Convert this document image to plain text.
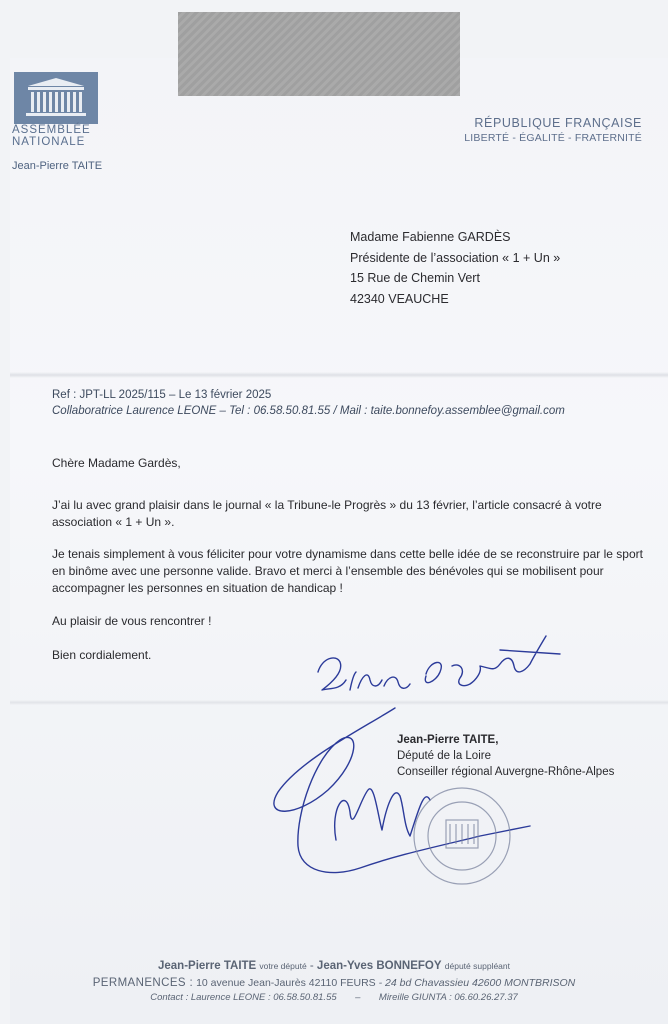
ASSEMBLÉE
NATIONALE
Jean-Pierre TAITE
RÉPUBLIQUE FRANÇAISE
LIBERTÉ - ÉGALITÉ - FRATERNITÉ
Madame Fabienne GARDÈS
Présidente de l’association « 1 + Un »
15 Rue de Chemin Vert
42340 VEAUCHE
Ref : JPT-LL 2025/115 – Le 13 février 2025
Collaboratrice Laurence LEONE – Tel : 06.58.50.81.55 / Mail : taite.bonnefoy.assemblee@gmail.com
Chère Madame Gardès,
J’ai lu avec grand plaisir dans le journal « la Tribune-le Progrès » du 13 février, l’article consacré à votre association « 1 + Un ».
Je tenais simplement à vous féliciter pour votre dynamisme dans cette belle idée de se reconstruire par le sport en binôme avec une personne valide. Bravo et merci à l’ensemble des bénévoles qui se mobilisent pour accompagner les personnes en situation de handicap !
Au plaisir de vous rencontrer !
Bien cordialement.
Jean-Pierre TAITE,
Député de la Loire
Conseiller régional Auvergne-Rhône-Alpes
Jean-Pierre TAITE votre député - Jean-Yves BONNEFOY député suppléant
PERMANENCES : 10 avenue Jean-Jaurès 42110 FEURS - 24 bd Chavassieu 42600 MONTBRISON
Contact : Laurence LEONE : 06.58.50.81.55 – Mireille GIUNTA : 06.60.26.27.37
